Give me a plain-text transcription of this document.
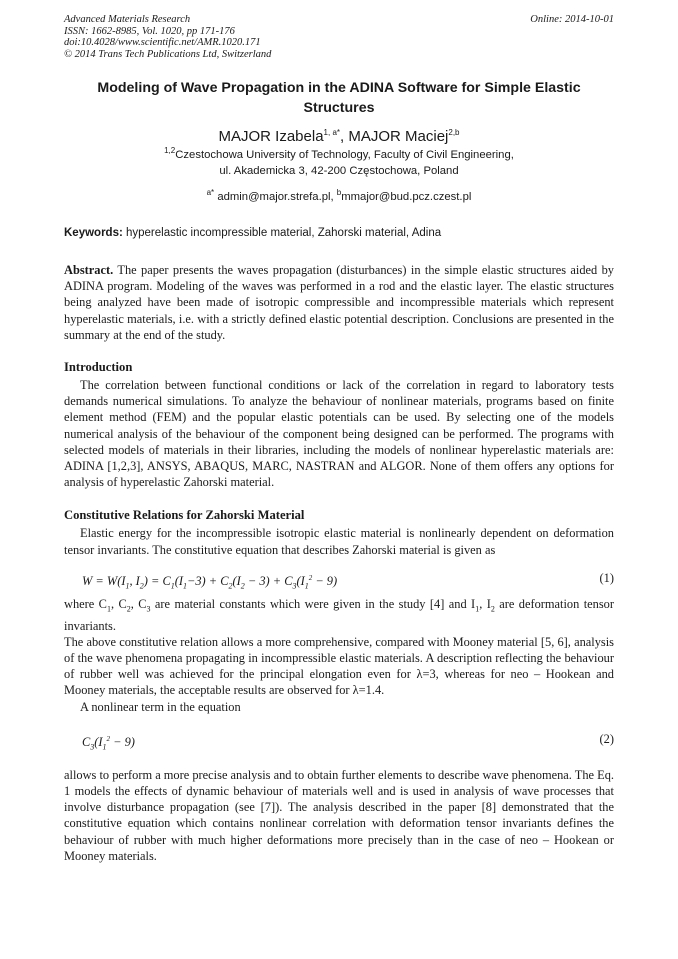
Advanced Materials Research
ISSN: 1662-8985, Vol. 1020, pp 171-176
doi:10.4028/www.scientific.net/AMR.1020.171
© 2014 Trans Tech Publications Ltd, Switzerland
Online: 2014-10-01
Modeling of Wave Propagation in the ADINA Software for Simple Elastic Structures
MAJOR Izabela$^{1, a*}$, MAJOR Maciej$^{2,b}$
$^{1,2}$Czestochowa University of Technology, Faculty of Civil Engineering,
ul. Akademicka 3, 42-200 Częstochowa, Poland
$^{a*}$ admin@major.strefa.pl, $^b$mmajor@bud.pcz.czest.pl
Keywords: hyperelastic incompressible material, Zahorski material, Adina

Abstract. The paper presents the waves propagation (disturbances) in the simple elastic structures aided by ADINA program. Modeling of the waves was performed in a rod and the elastic layer. The elastic structures being analyzed have been made of isotropic compressible and incompressible materials which represent hyperelastic materials, i.e. with a strictly defined elastic potential description. Conclusions are presented in the summary at the end of the study.

Introduction

The correlation between functional conditions or lack of the correlation in regard to laboratory tests demands numerical simulations. To analyze the behaviour of nonlinear materials, programs based on finite element method (FEM) and the popular elastic potentials can be used. By selecting one of the models numerical analysis of the behaviour of the component being designed can be performed. The programs with selected models of materials in their libraries, including the models of nonlinear hyperelastic materials are: ADINA [1,2,3], ANSYS, ABAQUS, MARC, NASTRAN and ALGOR. None of them offers any options for analysis of hyperelastic Zahorski material.

Constitutive Relations for Zahorski Material

Elastic energy for the incompressible isotropic elastic material is nonlinearly dependent on deformation tensor invariants. The constitutive equation that describes Zahorski material is given as

$W = W(I_1$, $I_2) = C_1(I_1-3) + C_2(I_2 - 3) + C_3(I_1^2 - 9)$	(1)

where $C_1$, $C_2$, $C_3$ are material constants which were given in the study [4] and $I_1$, $I_2$ are deformation tensor invariants.

The above constitutive relation allows a more comprehensive, compared with Mooney material [5, 6], analysis of the wave phenomena propagating in incompressible elastic materials. A description reflecting the behaviour of rubber well was achieved for the principal elongation even for λ=3, whereas for neo – Hookean and Mooney materials, the acceptable results are observed for λ=1.4.

A nonlinear term in the equation

$C_3(I_1^2 - 9)$	(2)

allows to perform a more precise analysis and to obtain further elements to describe wave phenomena. The Eq. 1 models the effects of dynamic behaviour of materials well and is used in analysis of wave processes that involve disturbance propagation (see [7]). The analysis described in the paper [8] demonstrated that the constitutive equation which contains nonlinear correlation with deformation tensor invariants defines the behaviour of rubber with much higher deformations more precisely than in the case of neo – Hookean or Mooney materials.
